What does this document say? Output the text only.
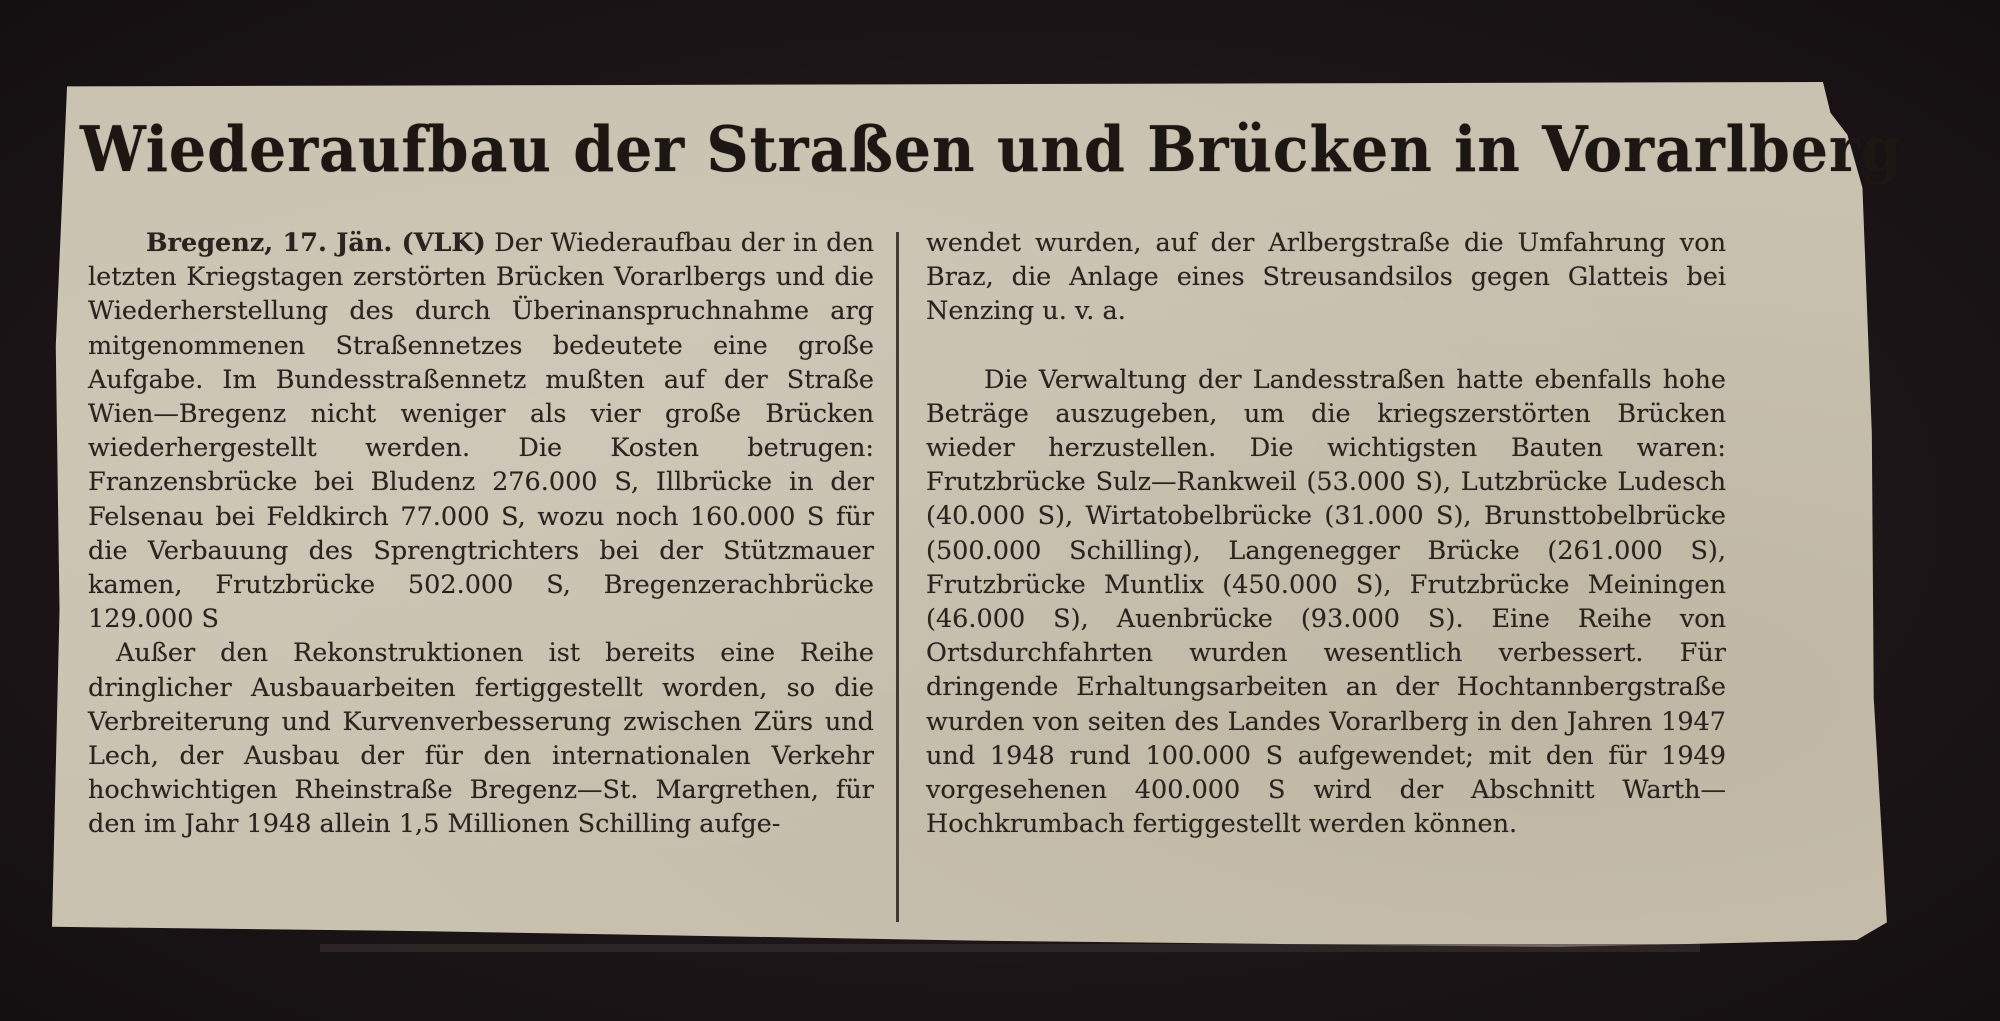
Wiederaufbau der Straßen und Brücken in Vorarlberg

Bregenz, 17. Jän. (VLK) Der Wiederaufbau der in den letzten Kriegstagen zerstörten Brücken Vorarlbergs und die Wiederherstellung des durch Überinanspruchnahme arg mitgenommenen Straßennetzes bedeutete eine große Aufgabe. Im Bundesstraßennetz mußten auf der Straße Wien—Bregenz nicht weniger als vier große Brücken wiederhergestellt werden. Die Kosten betrugen: Franzensbrücke bei Bludenz 276.000 S, Illbrücke in der Felsenau bei Feldkirch 77.000 S, wozu noch 160.000 S für die Verbauung des Sprengtrichters bei der Stützmauer kamen, Frutzbrücke 502.000 S, Bregenzerachbrücke 129.000 S

Außer den Rekonstruktionen ist bereits eine Reihe dringlicher Ausbauarbeiten fertiggestellt worden, so die Verbreiterung und Kurvenverbesserung zwischen Zürs und Lech, der Ausbau der für den internationalen Verkehr hochwichtigen Rheinstraße Bregenz—St. Margrethen, für den im Jahr 1948 allein 1,5 Millionen Schilling aufge-

wendet wurden, auf der Arlbergstraße die Umfahrung von Braz, die Anlage eines Streusandsilos gegen Glatteis bei Nenzing u. v. a.

Die Verwaltung der Landesstraßen hatte ebenfalls hohe Beträge auszugeben, um die kriegszerstörten Brücken wieder herzustellen. Die wichtigsten Bauten waren: Frutzbrücke Sulz—Rankweil (53.000 S), Lutzbrücke Ludesch (40.000 S), Wirtatobelbrücke (31.000 S), Brunsttobelbrücke (500.000 Schilling), Langenegger Brücke (261.000 S), Frutzbrücke Muntlix (450.000 S), Frutzbrücke Meiningen (46.000 S), Auenbrücke (93.000 S). Eine Reihe von Ortsdurchfahrten wurden wesentlich verbessert. Für dringende Erhaltungsarbeiten an der Hochtannbergstraße wurden von seiten des Landes Vorarlberg in den Jahren 1947 und 1948 rund 100.000 S aufgewendet; mit den für 1949 vorgesehenen 400.000 S wird der Abschnitt Warth—Hochkrumbach fertiggestellt werden können.
